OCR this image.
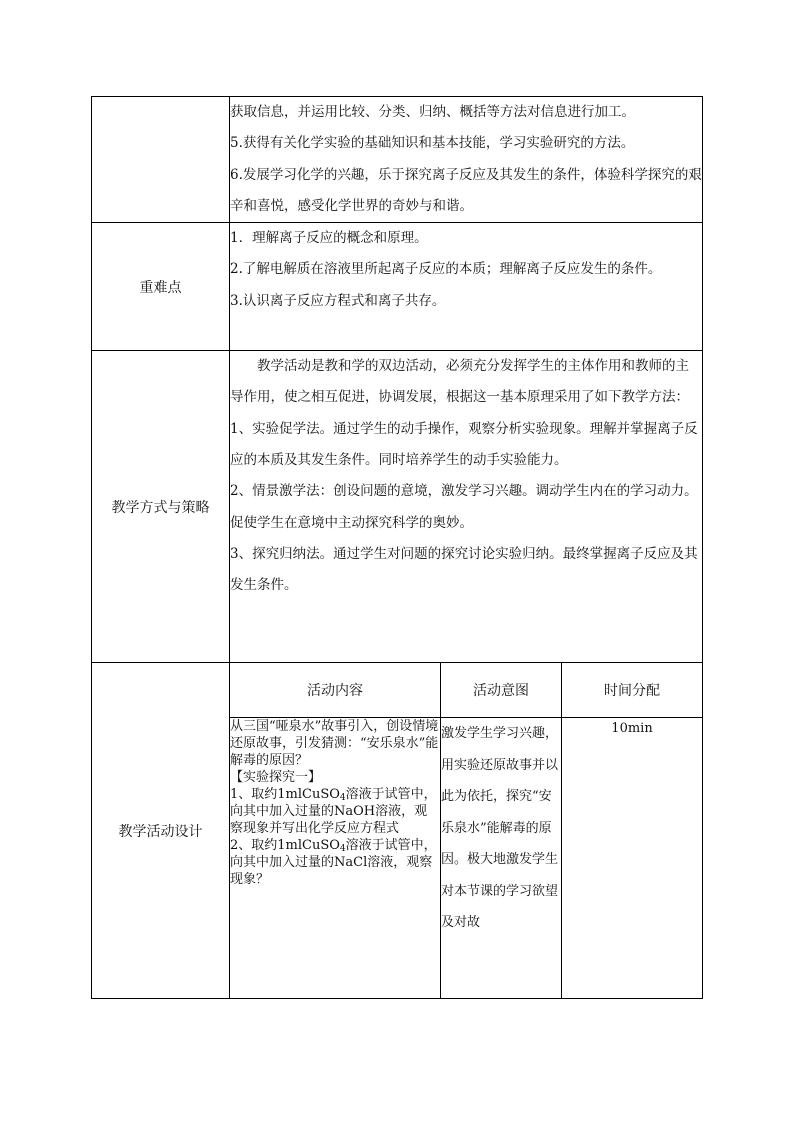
	获取信息，并运用比较、分类、归纳、概括等方法对信息进行加工。

5.获得有关化学实验的基础知识和基本技能，学习实验研究的方法。

6.发展学习化学的兴趣，乐于探究离子反应及其发生的条件，体验科学探究的艰辛和喜悦，感受化学世界的奇妙与和谐。		

重难点	1．理解离子反应的概念和原理。

2.了解电解质在溶液里所起离子反应的本质；理解离子反应发生的条件。

3.认识离子反应方程式和离子共存。		

教学方式与策略	教学活动是教和学的双边活动，必须充分发挥学生的主体作用和教师的主导作用，使之相互促进，协调发展，根据这一基本原理采用了如下教学方法：

1、实验促学法。通过学生的动手操作，观察分析实验现象。理解并掌握离子反应的本质及其发生条件。同时培养学生的动手实验能力。

2、情景激学法：创设问题的意境，激发学习兴趣。调动学生内在的学习动力。促使学生在意境中主动探究科学的奥妙。

3、探究归纳法。通过学生对问题的探究讨论实验归纳。最终掌握离子反应及其发生条件。		

教学活动设计	活动内容	活动意图	时间分配

	从三国“哑泉水”故事引入，创设情境还原故事，引发猜测：“安乐泉水”能解毒的原因？

【实验探究一】

1、取约1mlCuSO$_4$溶液于试管中，向其中加入过量的NaOH溶液，观察现象并写出化学反应方程式

2、取约1mlCuSO$_4$溶液于试管中，向其中加入过量的NaCl溶液，观察现象？	激发学生学习兴趣，用实验还原故事并以此为依托，探究“安乐泉水”能解毒的原因。极大地激发学生对本节课的学习欲望及对故	10min
